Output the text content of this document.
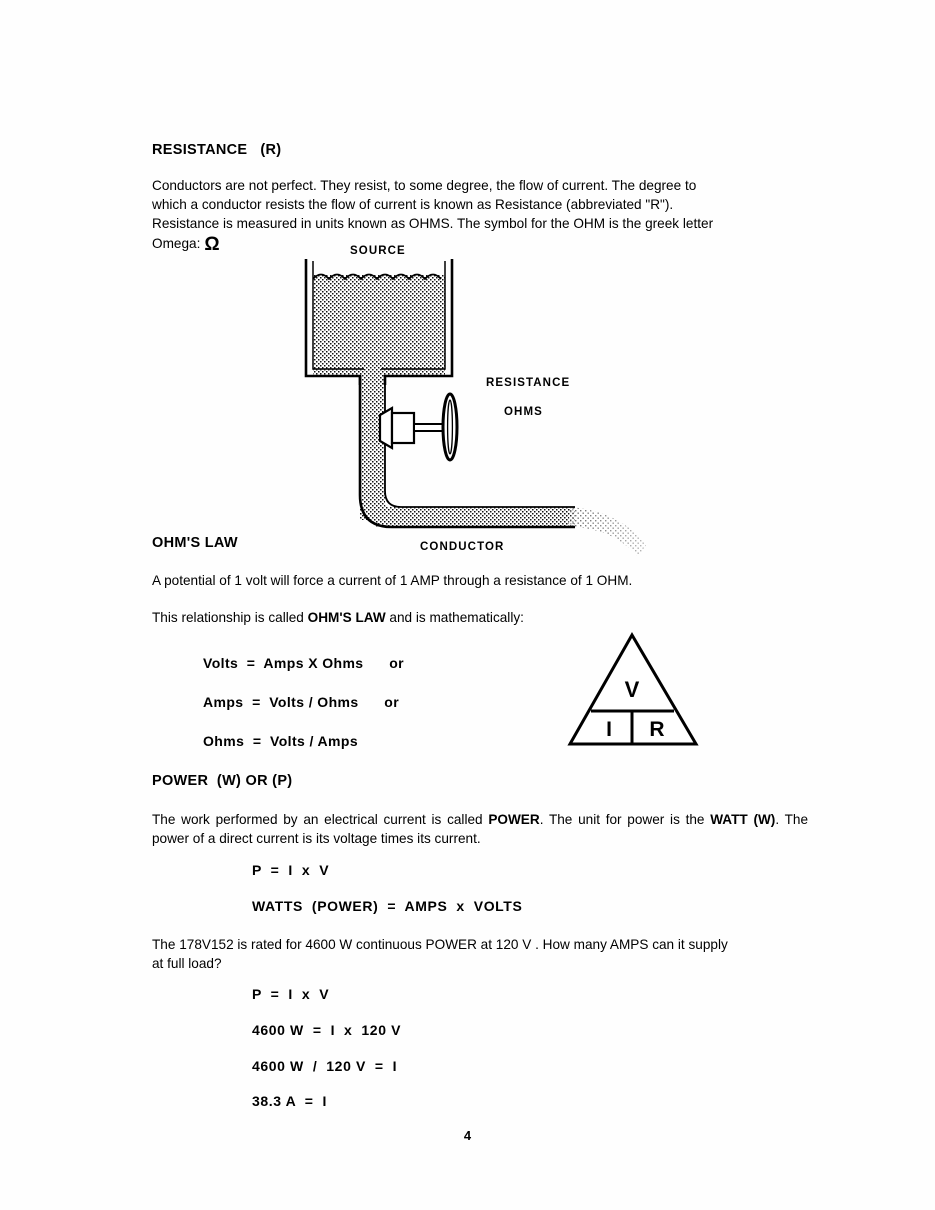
RESISTANCE   (R)
Conductors are not perfect. They resist, to some degree, the flow of current. The degree to
which a conductor resists the flow of current is known as Resistance (abbreviated "R").
Resistance is measured in units known as OHMS. The symbol for the OHM is the greek letter
Omega: Ω	SOURCE
RESISTANCE
OHMS
CONDUCTOR
OHM'S LAW
A potential of 1 volt will force a current of 1 AMP through a resistance of 1 OHM.
This relationship is called OHM'S LAW and is mathematically:
Volts  =  Amps X Ohms      or
Amps  =  Volts / Ohms      or
Ohms  =  Volts / Amps
V
I R
POWER  (W) OR (P)
The work performed by an electrical current is called POWER. The unit for power is the WATT (W). The power of a direct current is its voltage times its current.
P  =  I  x  V
WATTS  (POWER)  =  AMPS  x  VOLTS
The 178V152 is rated for 4600 W continuous POWER at 120 V . How many AMPS can it supply
at full load?
P  =  I  x  V
4600 W  =  I  x  120 V
4600 W  /  120 V  =  I
38.3 A  =  I
4
